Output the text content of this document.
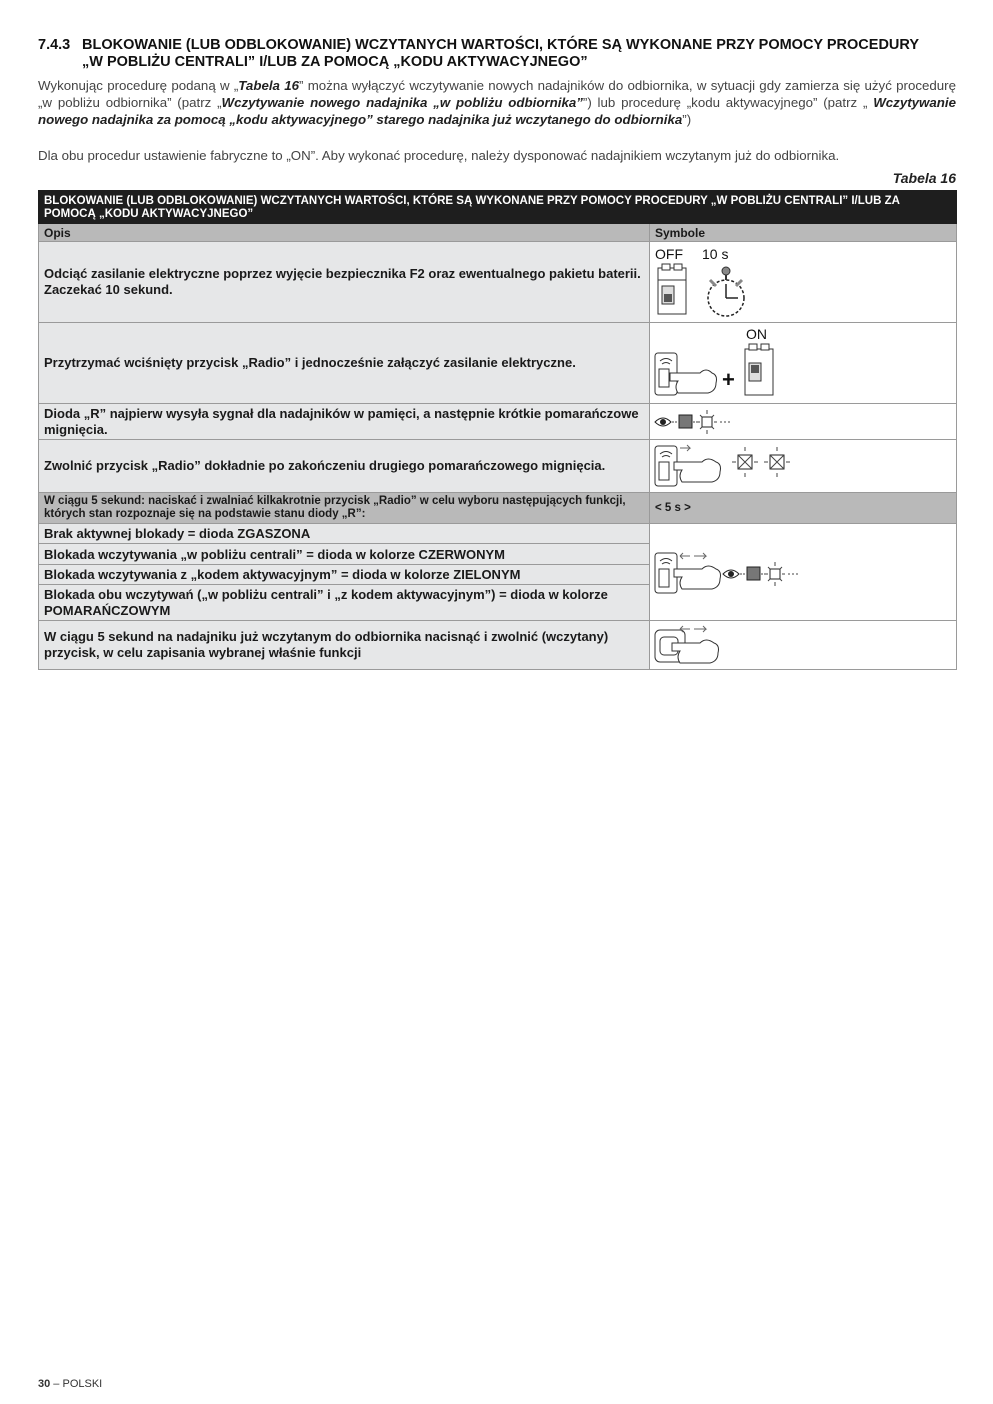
7.4.3 BLOKOWANIE (LUB ODBLOKOWANIE) WCZYTANYCH WARTOŚCI, KTÓRE SĄ WYKONANE PRZY POMOCY PROCEDURY
„W POBLIŻU CENTRALI” I/LUB ZA POMOCĄ „KODU AKTYWACYJNEGO”
Wykonując procedurę podaną w „Tabela 16” można wyłączyć wczytywanie nowych nadajników do odbiornika, w sytuacji gdy zamierza się użyć procedurę „w pobliżu odbiornika” (patrz „Wczytywanie nowego nadajnika „w pobliżu odbiornika””) lub procedurę „kodu aktywacyjnego” (patrz „ Wczytywanie nowego nadajnika za pomocą „kodu aktywacyjnego” starego nadajnika już wczytanego do odbiornika”)
Dla obu procedur ustawienie fabryczne to „ON”. Aby wykonać procedurę, należy dysponować nadajnikiem wczytanym już do odbiornika.
Tabela 16
BLOKOWANIE (LUB ODBLOKOWANIE) WCZYTANYCH WARTOŚCI, KTÓRE SĄ WYKONANE PRZY POMOCY PROCEDURY „W POBLIŻU CENTRALI” I/LUB ZA POMOCĄ „KODU AKTYWACYJNEGO”	
Opis	Symbole
Odciąć zasilanie elektryczne poprzez wyjęcie bezpiecznika F2 oraz ewentualnego pakietu baterii. Zaczekać 10 sekund.	OFF 10 s

Przytrzymać wciśnięty przycisk „Radio” i jednocześnie załączyć zasilanie elektryczne.	ON
+

Dioda „R” najpierw wysyła sygnał dla nadajników w pamięci, a następnie krótkie pomarańczowe mignięcia.	

Zwolnić przycisk „Radio” dokładnie po zakończeniu drugiego pomarańczowego mignięcia.	

W ciągu 5 sekund: naciskać i zwalniać kilkakrotnie przycisk „Radio” w celu wyboru następujących funkcji, których stan rozpoznaje się na podstawie stanu diody „R”:	< 5 s >
Brak aktywnej blokady = dioda ZGASZONA	

Blokada wczytywania „w pobliżu centrali” = dioda w kolorze CZERWONYM	
Blokada wczytywania z „kodem aktywacyjnym” = dioda w kolorze ZIELONYM	
Blokada obu wczytywań („w pobliżu centrali” i „z kodem aktywacyjnym”) = dioda w kolorze POMARAŃCZOWYM	
W ciągu 5 sekund na nadajniku już wczytanym do odbiornika nacisnąć i zwolnić (wczytany) przycisk, w celu zapisania wybranej właśnie funkcji	
30 – POLSKI
